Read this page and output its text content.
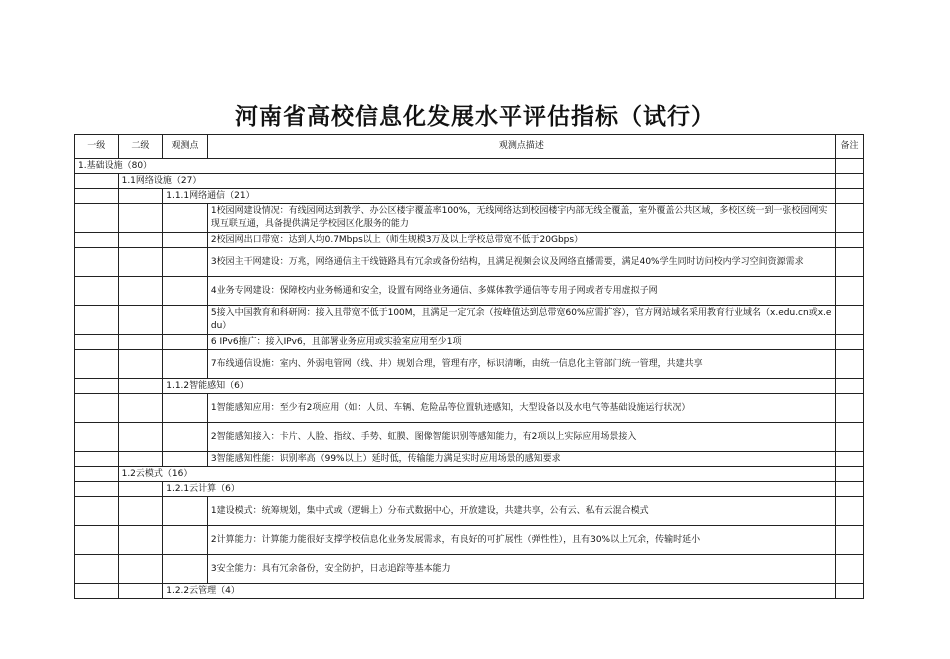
河南省高校信息化发展水平评估指标（试行）
一级	二级	观测点	观测点描述	备注
1.基础设施（80）				
	1.1网络设施（27）			
		1.1.1网络通信（21）		
			1校园网建设情况：有线园网达到教学、办公区楼宇覆盖率100%，无线网络达到校园楼宇内部无线全覆盖，室外覆盖公共区域，多校区统一到一张校园网实现互联互通，具备提供满足学校园区化服务的能力	
			2校园网出口带宽：达到人均0.7Mbps以上（师生规模3万及以上学校总带宽不低于20Gbps）	
			3校园主干网建设：万兆，网络通信主干线链路具有冗余或备份结构，且满足视频会议及网络直播需要，满足40%学生同时访问校内学习空间资源需求	
			4业务专网建设：保障校内业务畅通和安全，设置有网络业务通信、多媒体教学通信等专用子网或者专用虚拟子网	
			5接入中国教育和科研网：接入且带宽不低于100M，且满足一定冗余（按峰值达到总带宽60%应需扩容），官方网站域名采用教育行业域名（x.edu.cn或x.edu）	
			6 IPv6推广：接入IPv6，且部署业务应用或实验室应用至少1项	
			7布线通信设施：室内、外弱电管网（线、井）规划合理，管理有序，标识清晰，由统一信息化主管部门统一管理，共建共享	
		1.1.2智能感知（6）		
			1智能感知应用：至少有2项应用（如：人员、车辆、危险品等位置轨迹感知，大型设备以及水电气等基础设施运行状况）	
			2智能感知接入：卡片、人脸、指纹、手势、虹膜、图像智能识别等感知能力，有2项以上实际应用场景接入	
			3智能感知性能：识别率高（99%以上）延时低，传输能力满足实时应用场景的感知要求	
	1.2云模式（16）			
		1.2.1云计算（6）		
			1建设模式：统筹规划，集中式或（逻辑上）分布式数据中心，开放建设，共建共享，公有云、私有云混合模式	
			2计算能力：计算能力能很好支撑学校信息化业务发展需求，有良好的可扩展性（弹性性），且有30%以上冗余，传输时延小	
			3安全能力：具有冗余备份，安全防护，日志追踪等基本能力	
		1.2.2云管理（4）		
